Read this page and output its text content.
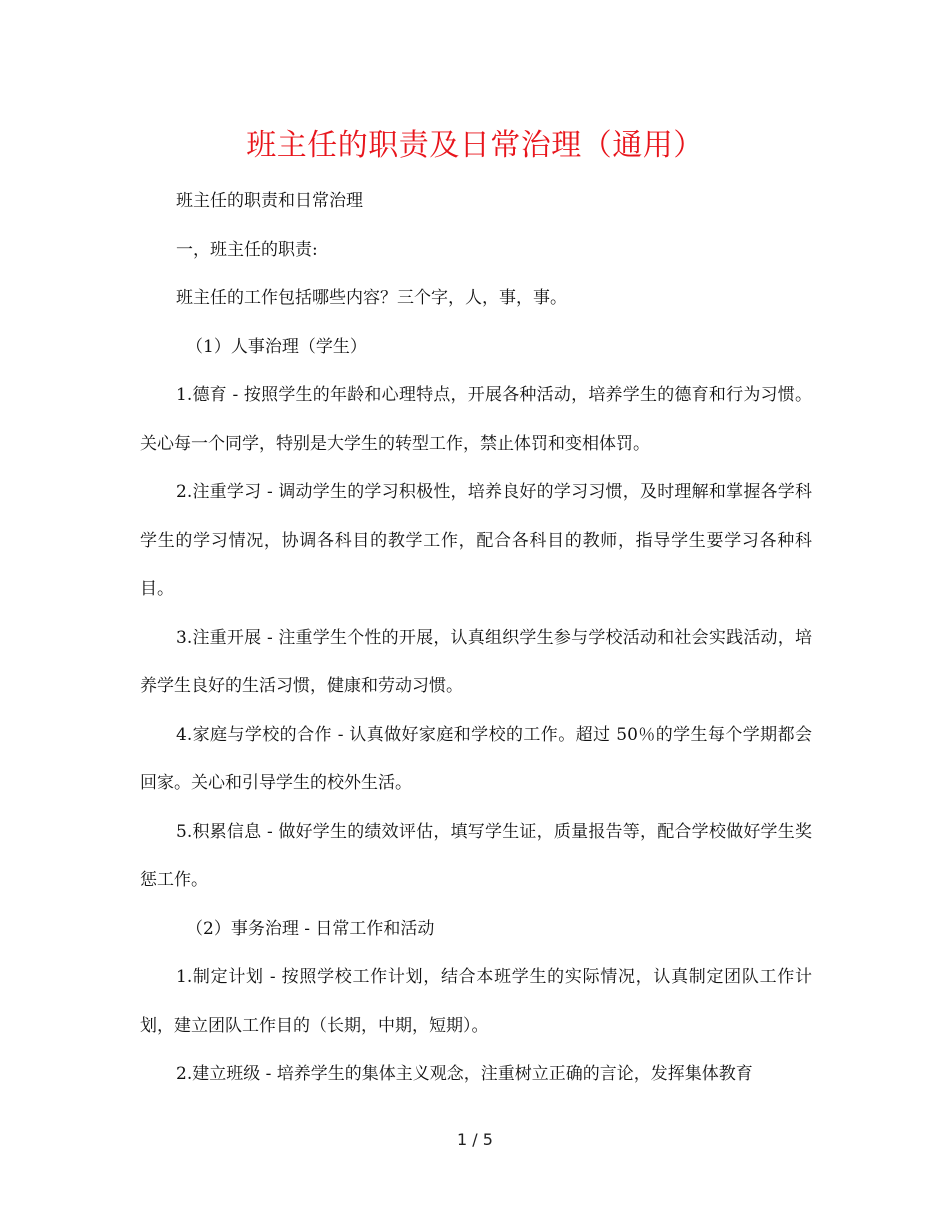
班主任的职责及日常治理（通用）

班主任的职责和日常治理

一，班主任的职责:

班主任的工作包括哪些内容？三个字，人，事，事。

（1）人事治理（学生）

1.德育 - 按照学生的年龄和心理特点，开展各种活动，培养学生的德育和行为习惯。关心每一个同学，特别是大学生的转型工作，禁止体罚和变相体罚。

2.注重学习 - 调动学生的学习积极性，培养良好的学习习惯，及时理解和掌握各学科学生的学习情况，协调各科目的教学工作，配合各科目的教师，指导学生要学习各种科目。

3.注重开展 - 注重学生个性的开展，认真组织学生参与学校活动和社会实践活动，培养学生良好的生活习惯，健康和劳动习惯。

4.家庭与学校的合作 - 认真做好家庭和学校的工作。超过 50％的学生每个学期都会回家。关心和引导学生的校外生活。

5.积累信息 - 做好学生的绩效评估，填写学生证，质量报告等，配合学校做好学生奖惩工作。

（2）事务治理 - 日常工作和活动

1.制定计划 - 按照学校工作计划，结合本班学生的实际情况，认真制定团队工作计划，建立团队工作目的（长期，中期，短期）。

2.建立班级 - 培养学生的集体主义观念，注重树立正确的言论，发挥集体教育

1 / 5
